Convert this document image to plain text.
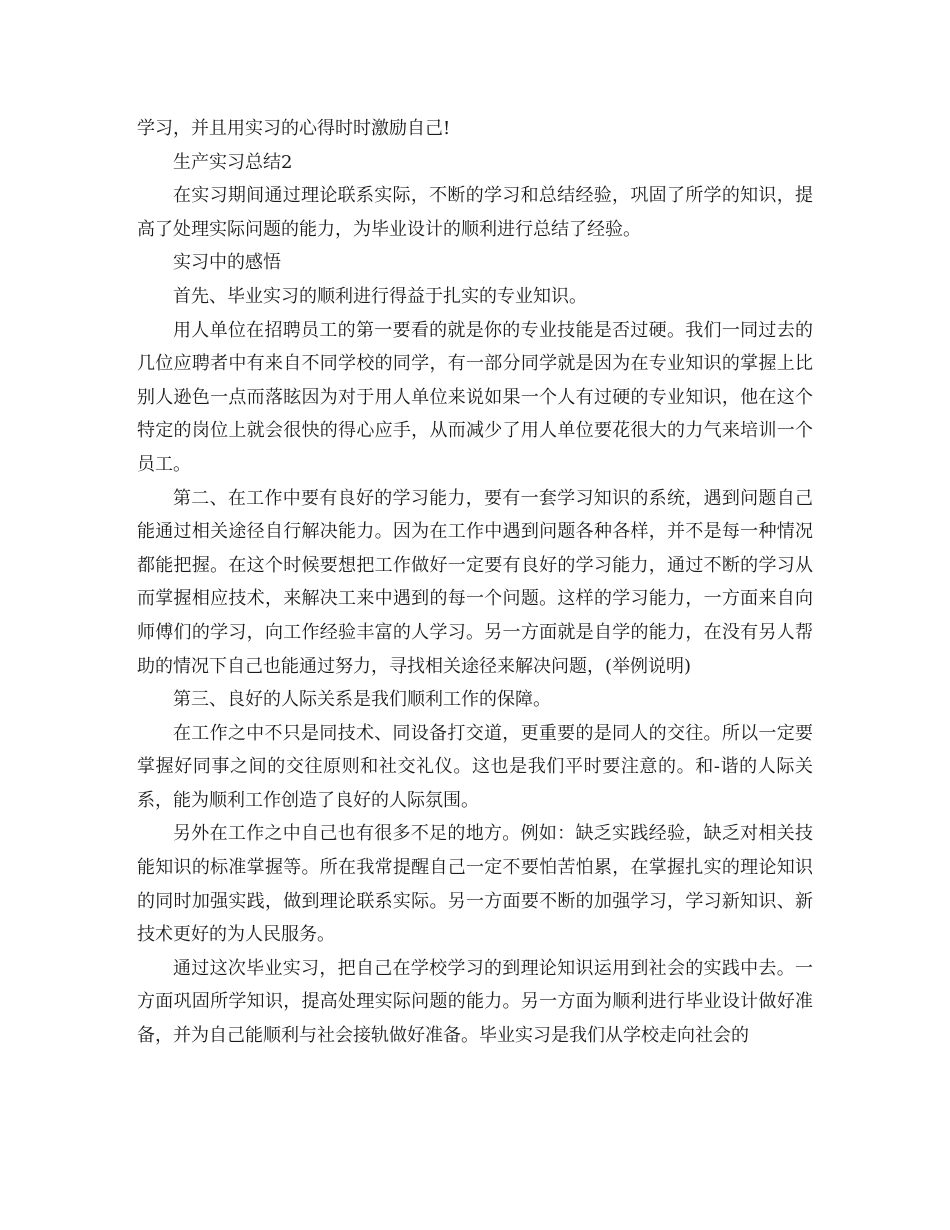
学习，并且用实习的心得时时激励自己!

生产实习总结2

在实习期间通过理论联系实际，不断的学习和总结经验，巩固了所学的知识，提高了处理实际问题的能力，为毕业设计的顺利进行总结了经验。

实习中的感悟

首先、毕业实习的顺利进行得益于扎实的专业知识。

用人单位在招聘员工的第一要看的就是你的专业技能是否过硬。我们一同过去的几位应聘者中有来自不同学校的同学，有一部分同学就是因为在专业知识的掌握上比别人逊色一点而落眩因为对于用人单位来说如果一个人有过硬的专业知识，他在这个特定的岗位上就会很快的得心应手，从而减少了用人单位要花很大的力气来培训一个员工。

第二、在工作中要有良好的学习能力，要有一套学习知识的系统，遇到问题自己能通过相关途径自行解决能力。因为在工作中遇到问题各种各样，并不是每一种情况都能把握。在这个时候要想把工作做好一定要有良好的学习能力，通过不断的学习从而掌握相应技术，来解决工来中遇到的每一个问题。这样的学习能力，一方面来自向师傅们的学习，向工作经验丰富的人学习。另一方面就是自学的能力，在没有另人帮助的情况下自己也能通过努力，寻找相关途径来解决问题，(举例说明)

第三、良好的人际关系是我们顺利工作的保障。

在工作之中不只是同技术、同设备打交道，更重要的是同人的交往。所以一定要掌握好同事之间的交往原则和社交礼仪。这也是我们平时要注意的。和-谐的人际关系，能为顺利工作创造了良好的人际氛围。

另外在工作之中自己也有很多不足的地方。例如：缺乏实践经验，缺乏对相关技能知识的标准掌握等。所在我常提醒自己一定不要怕苦怕累，在掌握扎实的理论知识的同时加强实践，做到理论联系实际。另一方面要不断的加强学习，学习新知识、新技术更好的为人民服务。

通过这次毕业实习，把自己在学校学习的到理论知识运用到社会的实践中去。一方面巩固所学知识，提高处理实际问题的能力。另一方面为顺利进行毕业设计做好准备，并为自己能顺利与社会接轨做好准备。毕业实习是我们从学校走向社会的
